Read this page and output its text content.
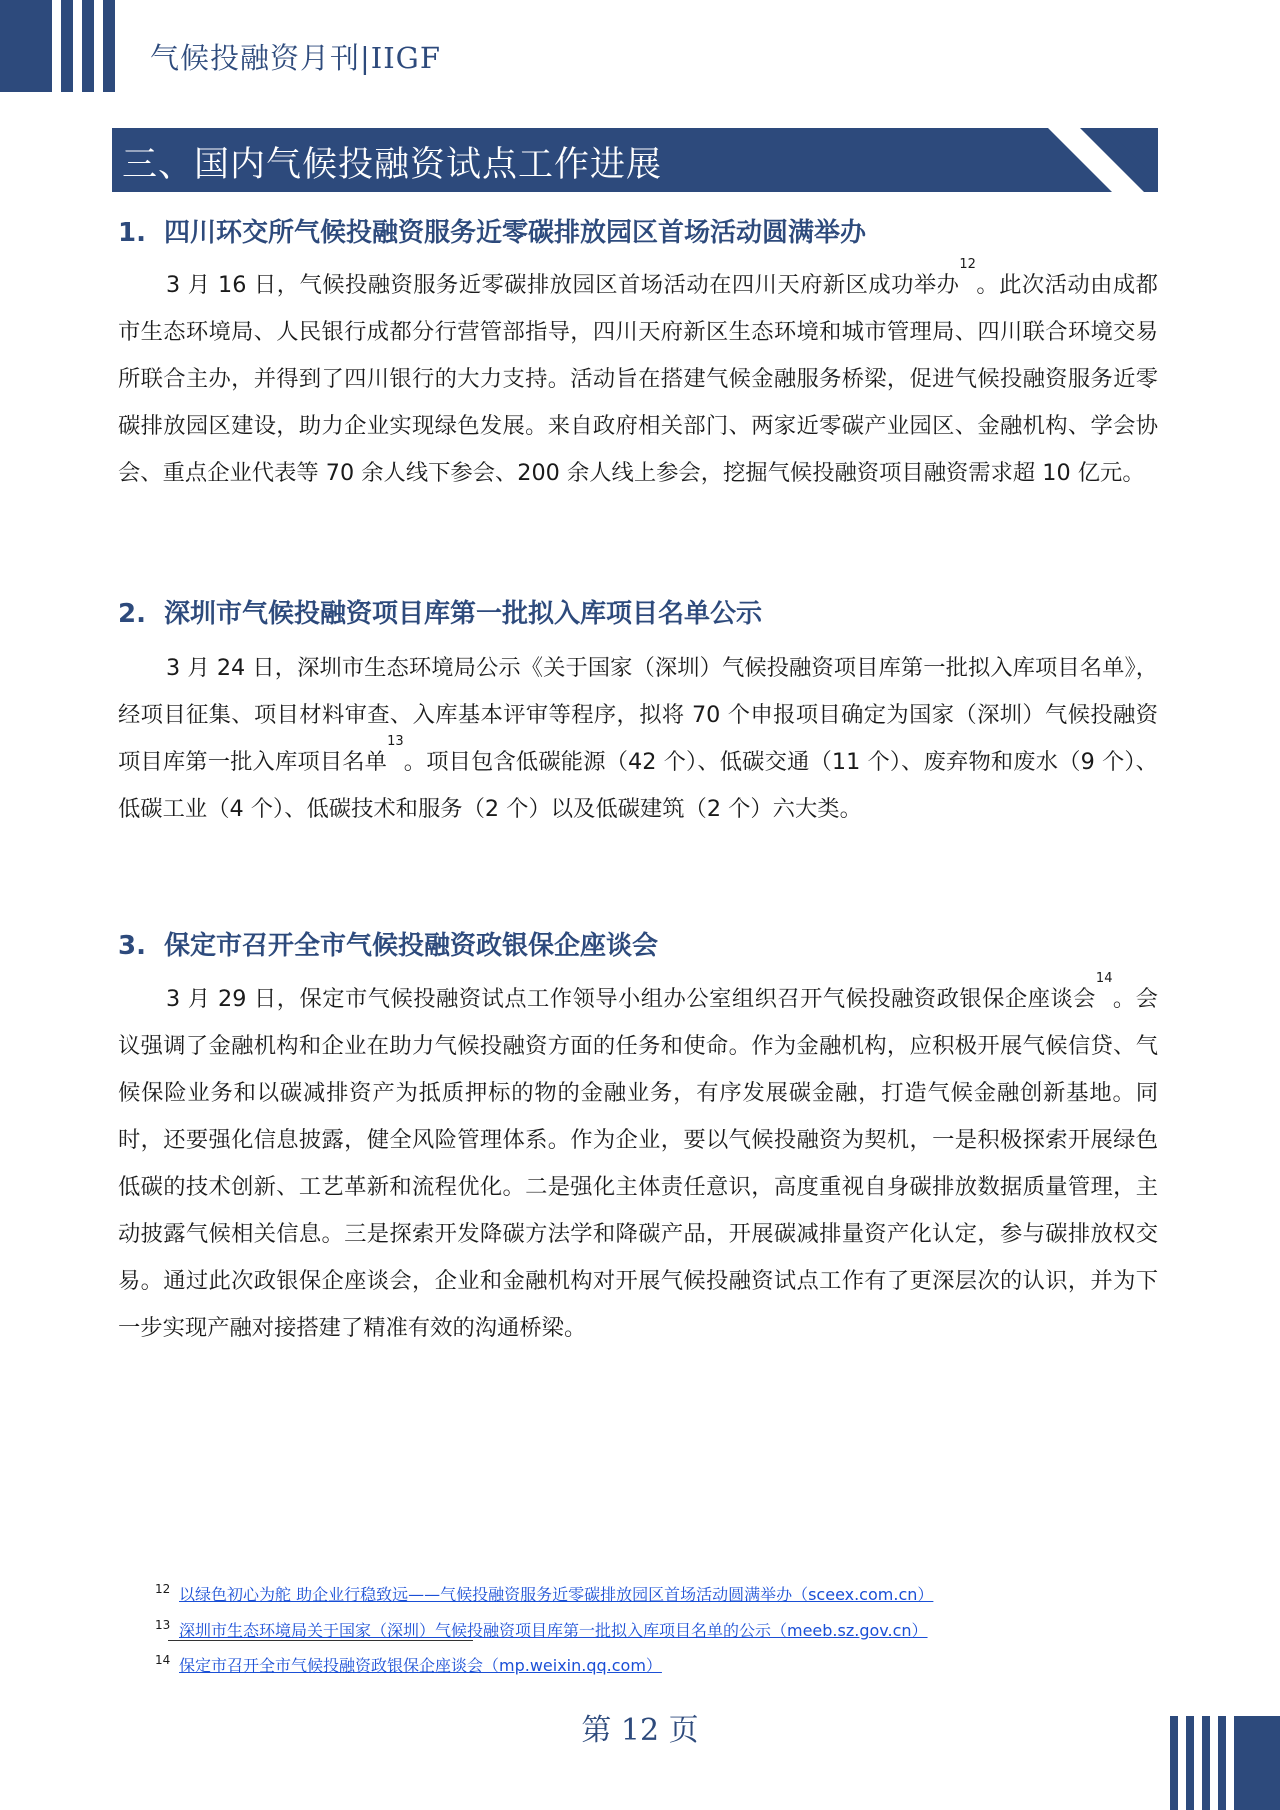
气候投融资月刊|IIGF
三、国内气候投融资试点工作进展
1. 四川环交所气候投融资服务近零碳排放园区首场活动圆满举办

3 月 16 日，气候投融资服务近零碳排放园区首场活动在四川天府新区成功举办$^{12}$。此次活动由成都市生态环境局、人民银行成都分行营管部指导，四川天府新区生态环境和城市管理局、四川联合环境交易所联合主办，并得到了四川银行的大力支持。活动旨在搭建气候金融服务桥梁，促进气候投融资服务近零碳排放园区建设，助力企业实现绿色发展。来自政府相关部门、两家近零碳产业园区、金融机构、学会协会、重点企业代表等 70 余人线下参会、200 余人线上参会，挖掘气候投融资项目融资需求超 10 亿元。

2. 深圳市气候投融资项目库第一批拟入库项目名单公示

3 月 24 日，深圳市生态环境局公示《关于国家（深圳）气候投融资项目库第一批拟入库项目名单》，经项目征集、项目材料审查、入库基本评审等程序，拟将 70 个申报项目确定为国家（深圳）气候投融资项目库第一批入库项目名单$^{13}$。项目包含低碳能源（42 个）、低碳交通（11 个）、废弃物和废水（9 个）、低碳工业（4 个）、低碳技术和服务（2 个）以及低碳建筑（2 个）六大类。

3. 保定市召开全市气候投融资政银保企座谈会

3 月 29 日，保定市气候投融资试点工作领导小组办公室组织召开气候投融资政银保企座谈会$^{14}$。会议强调了金融机构和企业在助力气候投融资方面的任务和使命。作为金融机构，应积极开展气候信贷、气候保险业务和以碳减排资产为抵质押标的物的金融业务，有序发展碳金融，打造气候金融创新基地。同时，还要强化信息披露，健全风险管理体系。作为企业，要以气候投融资为契机，一是积极探索开展绿色低碳的技术创新、工艺革新和流程优化。二是强化主体责任意识，高度重视自身碳排放数据质量管理，主动披露气候相关信息。三是探索开发降碳方法学和降碳产品，开展碳减排量资产化认定，参与碳排放权交易。通过此次政银保企座谈会，企业和金融机构对开展气候投融资试点工作有了更深层次的认识，并为下一步实现产融对接搭建了精准有效的沟通桥梁。

12 以绿色初心为舵 助企业行稳致远——气候投融资服务近零碳排放园区首场活动圆满举办（sceex.com.cn）
13 深圳市生态环境局关于国家（深圳）气候投融资项目库第一批拟入库项目名单的公示（meeb.sz.gov.cn）
14 保定市召开全市气候投融资政银保企座谈会（mp.weixin.qq.com）
第 12 页
